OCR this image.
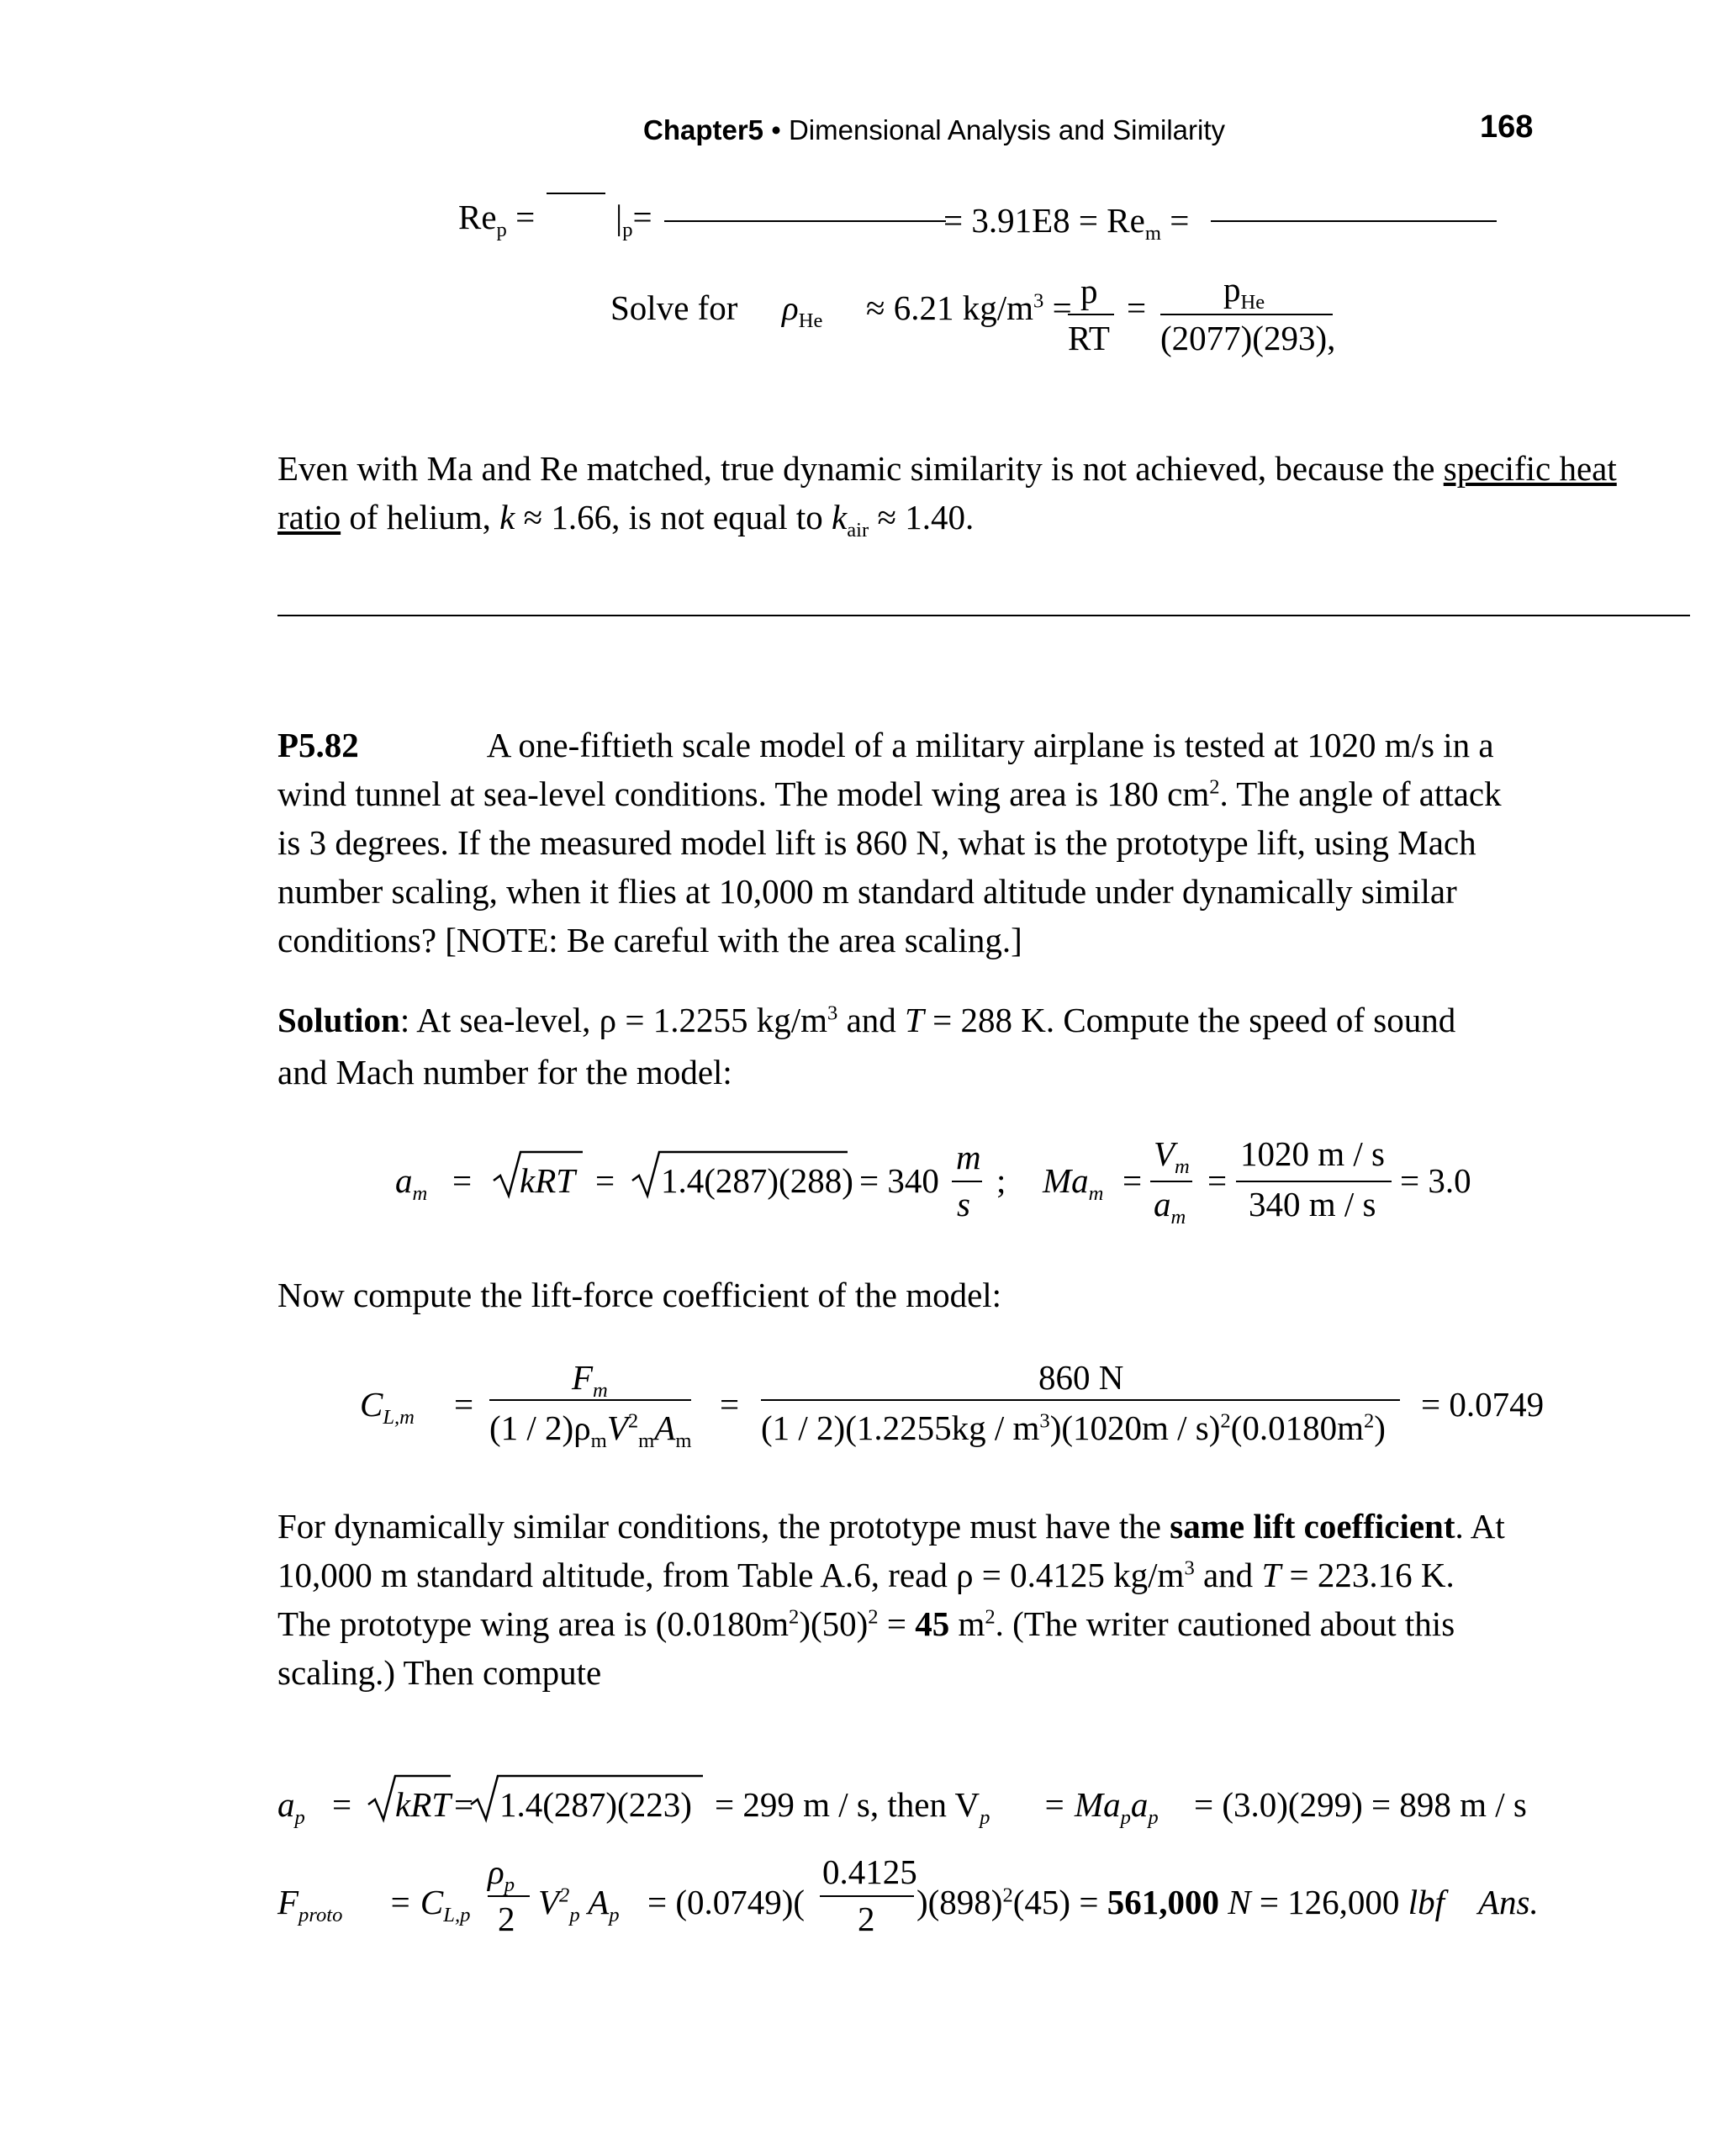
Chapter5 • Dimensional Analysis and Similarity	168
$Re_p = |_p=$	= $3.91E8 = Re_m$ =
Solve for $\rho_{He} \approx 6.21$ $kg/m^3 = p$
RT
= $p_{He}$
(2077)(293),
Even with Ma and Re matched, true dynamic similarity is not achieved, because the specific heat
ratio of helium, k ≈ 1.66, is not equal to $k_{air} \approx 1.40$.
P5.82	A one-fiftieth scale model of a military airplane is tested at 1020 m/s in a
wind tunnel at sea-level conditions. The model wing area is 180 $cm^2$. The angle of attack
is 3 degrees. If the measured model lift is 860 N, what is the prototype lift, using Mach
number scaling, when it flies at 10,000 m standard altitude under dynamically similar
conditions? [NOTE: Be careful with the area scaling.]
Solution: At sea-level, ρ = 1.2255 $kg/m^3$ and T = 288 K. Compute the speed of sound
and Mach number for the model:
$a_m$ = kRT = 1.4(287)(288) = 340
m
s
; $Ma_m$ =
$V_m$
$a_m$
=
1020 m / s
340 m / s
= 3.0
Now compute the lift-force coefficient of the model:
$C_{L,m}$ =
$F_m$
$(1 / 2)\rho_mV^2_mA_m$
=
860 N
$(1 / 2)(1.2255kg / m^3)(1020m / s)^2(0.0180m^2)$
= 0.0749
For dynamically similar conditions, the prototype must have the same lift coefficient. At
10,000 m standard altitude, from Table A.6, read ρ = 0.4125 $kg/m^3$ and T = 223.16 K.
The prototype wing area is $(0.0180m^2)(50)^2 = 45$ $m^2$. (The writer cautioned about this
scaling.) Then compute
$a_p$ = kRT = 1.4(287)(223) = 299 m / s, then $V_p = Ma_pa_p = (3.0)(299) = 898$ m / s
$F_{proto} = C_{L,p}$
$\rho_p$
2 $V^2_p$ $A_p = (0.0749)$(
0.4125
2 )$(898)^2(45) = 561,000$ N = 126,000 lbf Ans.
